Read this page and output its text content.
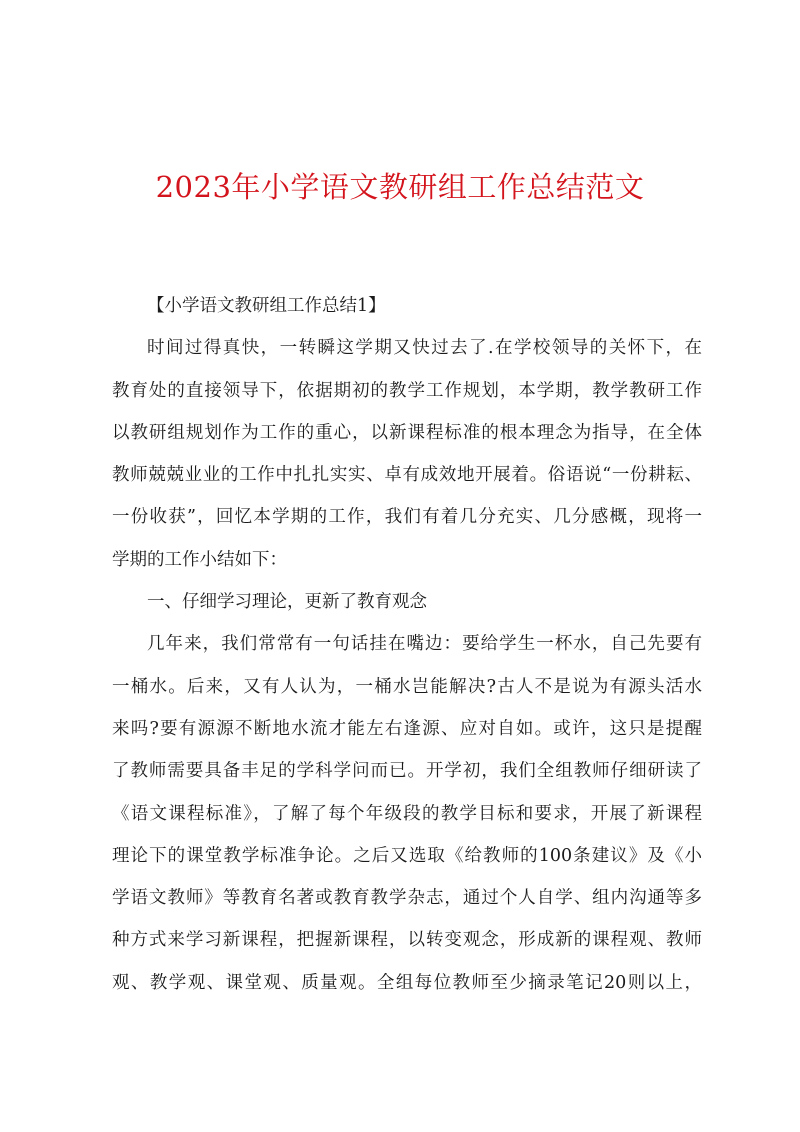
2023年小学语文教研组工作总结范文
【小学语文教研组工作总结1】
时间过得真快，一转瞬这学期又快过去了.在学校领导的关怀下，在
教育处的直接领导下，依据期初的教学工作规划，本学期，教学教研工作
以教研组规划作为工作的重心，以新课程标准的根本理念为指导，在全体
教师兢兢业业的工作中扎扎实实、卓有成效地开展着。俗语说“一份耕耘、
一份收获”，回忆本学期的工作，我们有着几分充实、几分感概，现将一
学期的工作小结如下：
一、仔细学习理论，更新了教育观念
几年来，我们常常有一句话挂在嘴边：要给学生一杯水，自己先要有
一桶水。后来，又有人认为，一桶水岂能解决?古人不是说为有源头活水
来吗?要有源源不断地水流才能左右逢源、应对自如。或许，这只是提醒
了教师需要具备丰足的学科学问而已。开学初，我们全组教师仔细研读了
《语文课程标准》，了解了每个年级段的教学目标和要求，开展了新课程
理论下的课堂教学标准争论。之后又选取《给教师的100条建议》及《小
学语文教师》等教育名著或教育教学杂志，通过个人自学、组内沟通等多
种方式来学习新课程，把握新课程，以转变观念，形成新的课程观、教师
观、教学观、课堂观、质量观。全组每位教师至少摘录笔记20则以上，
